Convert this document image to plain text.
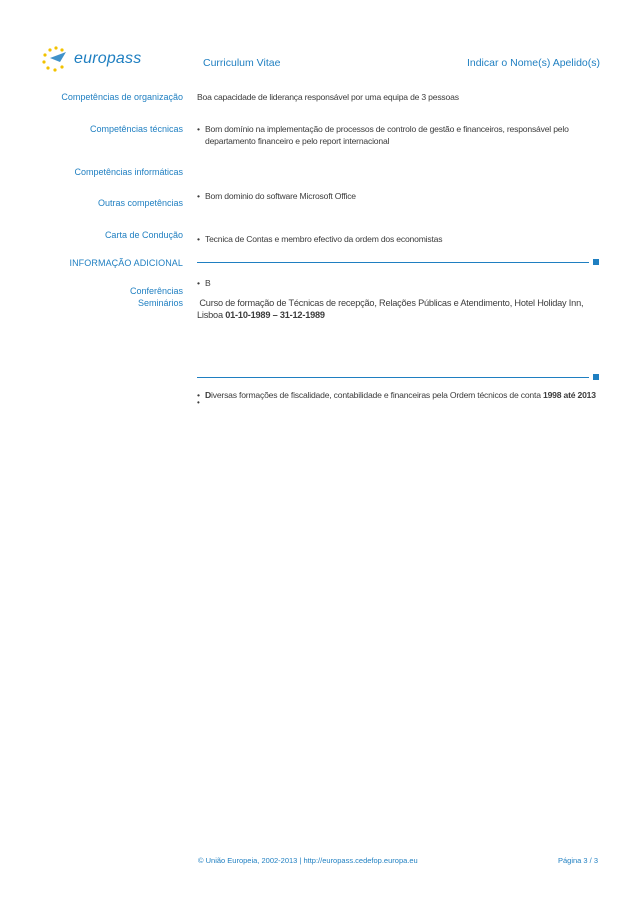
europass	Curriculum Vitae	Indicar o Nome(s) Apelido(s)
Competências de organização Boa capacidade de liderança responsável por uma equipa de 3 pessoas
Competências técnicas
•	Bom domínio na implementação de processos de controlo de gestão e financeiros, responsável pelo departamento financeiro e pelo report internacional
Competências informáticas
• Bom dominio do software Microsoft Office
Outras competências
• Tecnica de Contas e membro efectivo da ordem dos economistas
Carta de Condução
• B
INFORMAÇÃO ADICIONAL
Conferências
Seminários Curso de formação de Técnicas de recepção, Relações Públicas e Atendimento, Hotel Holiday Inn, Lisboa 01-10-1989 – 31-12-1989
• Diversas formações de fiscalidade, contabilidade e financeiras pela Ordem técnicos de conta 1998 até 2013
•
© União Europeia, 2002-2013 | http://europass.cedefop.europa.eu	Página 3 / 3
